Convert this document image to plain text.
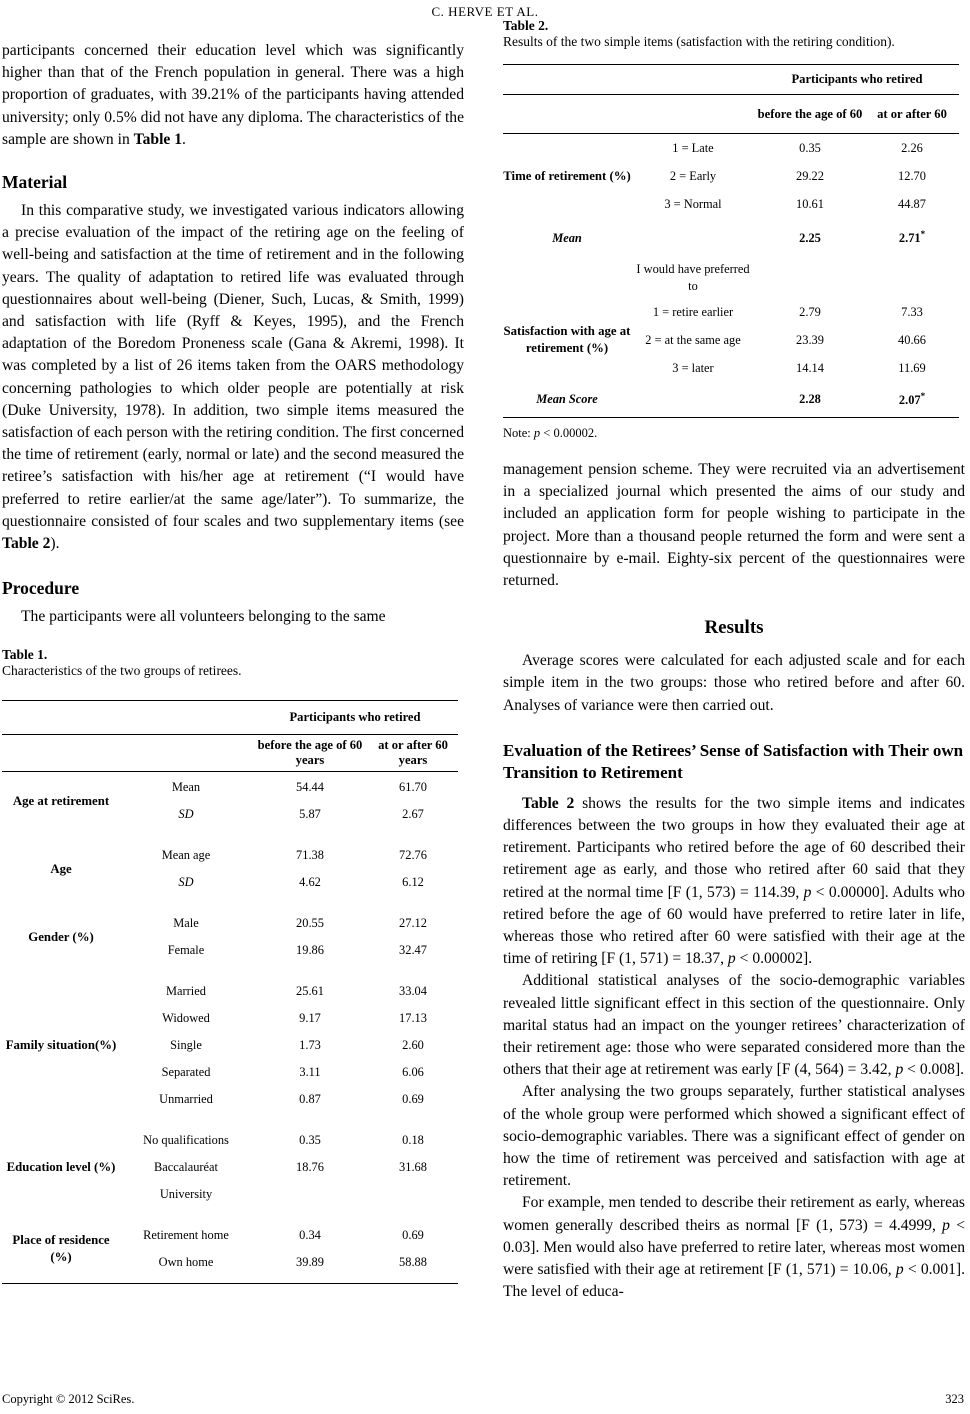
C. HERVE ET AL.

participants concerned their education level which was significantly higher than that of the French population in general. There was a high proportion of graduates, with 39.21% of the participants having attended university; only 0.5% did not have any diploma. The characteristics of the sample are shown in Table 1.

Material

In this comparative study, we investigated various indicators allowing a precise evaluation of the impact of the retiring age on the feeling of well-being and satisfaction at the time of retirement and in the following years. The quality of adaptation to retired life was evaluated through questionnaires about well-being (Diener, Such, Lucas, & Smith, 1999) and satisfaction with life (Ryff & Keyes, 1995), and the French adaptation of the Boredom Proneness scale (Gana & Akremi, 1998). It was completed by a list of 26 items taken from the OARS methodology concerning pathologies to which older people are potentially at risk (Duke University, 1978). In addition, two simple items measured the satisfaction of each person with the retiring condition. The first concerned the time of retirement (early, normal or late) and the second measured the retiree’s satisfaction with his/her age at retirement (“I would have preferred to retire earlier/at the same age/later”). To summarize, the questionnaire consisted of four scales and two supplementary items (see Table 2).

Procedure

The participants were all volunteers belonging to the same

Table 1.
Characteristics of the two groups of retirees.
		Participants who retired	
		before the age of 60 years	at or after 60 years

Age at retirement	Mean	54.44	61.70
	SD	5.87	2.67

Age	Mean age	71.38	72.76
	SD	4.62	6.12

Gender (%)	Male	20.55	27.12
	Female	19.86	32.47

Family situation(%)	Married	25.61	33.04
	Widowed	9.17	17.13
	Single	1.73	2.60
	Separated	3.11	6.06
	Unmarried	0.87	0.69

Education level (%)	No qualifications	0.35	0.18
	Baccalauréat	18.76	31.68
	University		

Place of residence (%)	Retirement home	0.34	0.69
	Own home	39.89	58.88

Table 2.
Results of the two simple items (satisfaction with the retiring condition).
		Participants who retired	
		before the age of 60	at or after 60
Time of retirement (%)	1 = Late	0.35	2.26
	2 = Early	29.22	12.70
	3 = Normal	10.61	44.87
Mean		2.25	2.71*
	I would have preferred to		
Satisfaction with age at retirement (%)	1 = retire earlier	2.79	7.33
	2 = at the same age	23.39	40.66
	3 = later	14.14	11.69
Mean Score		2.28	2.07*
Note: p < 0.00002.

management pension scheme. They were recruited via an advertisement in a specialized journal which presented the aims of our study and included an application form for people wishing to participate in the project. More than a thousand people returned the form and were sent a questionnaire by e-mail. Eighty-six percent of the questionnaires were returned.

Results

Average scores were calculated for each adjusted scale and for each simple item in the two groups: those who retired before and after 60. Analyses of variance were then carried out.

Evaluation of the Retirees’ Sense of Satisfaction with Their own Transition to Retirement

Table 2 shows the results for the two simple items and indicates differences between the two groups in how they evaluated their age at retirement. Participants who retired before the age of 60 described their retirement age as early, and those who retired after 60 said that they retired at the normal time [F (1, 573) = 114.39, p < 0.00000]. Adults who retired before the age of 60 would have preferred to retire later in life, whereas those who retired after 60 were satisfied with their age at the time of retiring [F (1, 571) = 18.37, p < 0.00002].

Additional statistical analyses of the socio-demographic variables revealed little significant effect in this section of the questionnaire. Only marital status had an impact on the younger retirees’ characterization of their retirement age: those who were separated considered more than the others that their age at retirement was early [F (4, 564) = 3.42, p < 0.008].

After analysing the two groups separately, further statistical analyses of the whole group were performed which showed a significant effect of socio-demographic variables. There was a significant effect of gender on how the time of retirement was perceived and satisfaction with age at retirement.

For example, men tended to describe their retirement as early, whereas women generally described theirs as normal [F (1, 573) = 4.4999, p < 0.03]. Men would also have preferred to retire later, whereas most women were satisfied with their age at retirement [F (1, 571) = 10.06, p < 0.001]. The level of educa-

Copyright © 2012 SciRes.	323
